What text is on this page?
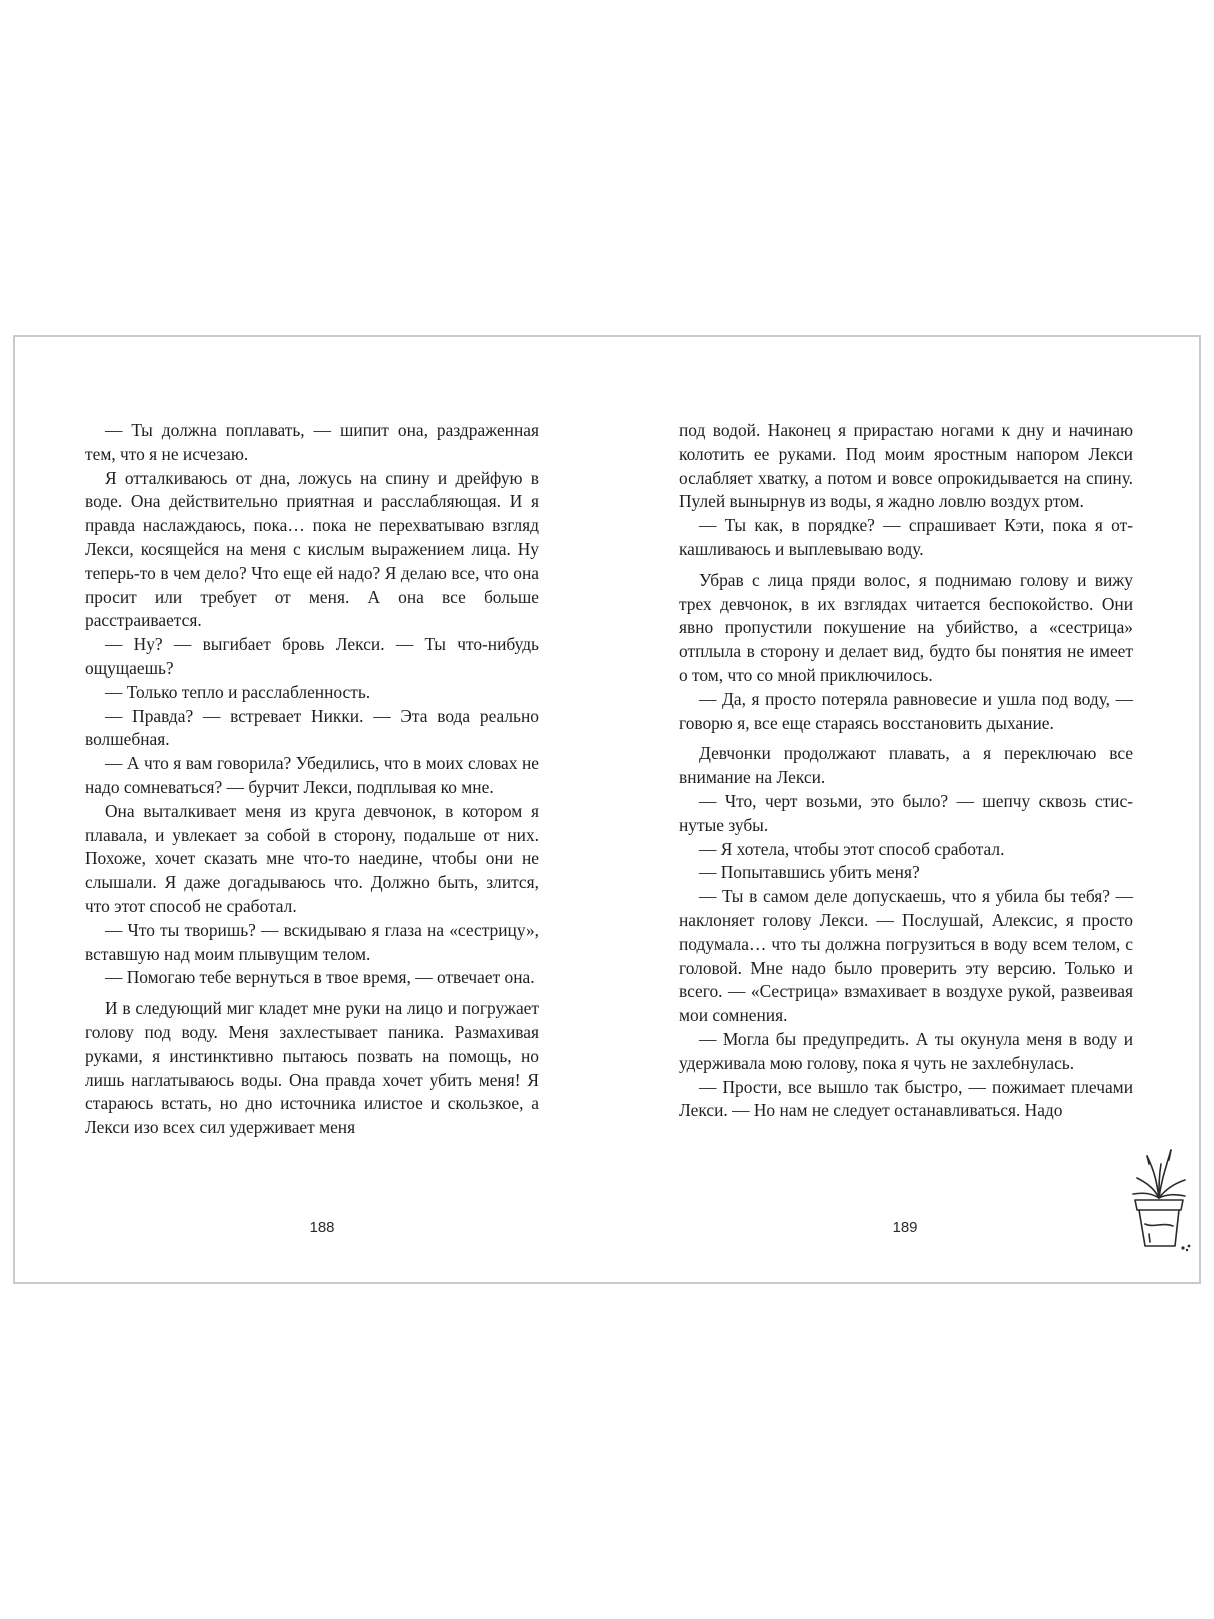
— Ты должна поплавать, — шипит она, раздраженная тем, что я не исчезаю.

Я отталкиваюсь от дна, ложусь на спину и дрейфую в воде. Она действительно приятная и расслабляющая. И я правда наслаждаюсь, пока… пока не перехватываю взгляд Лекси, косящейся на меня с кислым выражением лица. Ну теперь-то в чем дело? Что еще ей надо? Я делаю все, что она просит или требует от меня. А она все больше расстраивается.

— Ну? — выгибает бровь Лекси. — Ты что-нибудь ощущаешь?

— Только тепло и расслабленность.

— Правда? — встревает Никки. — Эта вода реально волшебная.

— А что я вам говорила? Убедились, что в моих словах не надо сомневаться? — бурчит Лекси, подплывая ко мне.

Она выталкивает меня из круга девчонок, в котором я плавала, и увлекает за собой в сторону, подальше от них. Похоже, хочет сказать мне что-то наедине, чтобы они не слышали. Я даже догадываюсь что. Должно быть, злится, что этот способ не сработал.

— Что ты творишь? — вскидываю я глаза на «сестрицу», вставшую над моим плывущим телом.

— Помогаю тебе вернуться в твое время, — отвечает она.

И в следующий миг кладет мне руки на лицо и погружает голову под воду. Меня захлестывает паника. Размахивая руками, я инстинктивно пытаюсь позвать на помощь, но лишь наглатываюсь воды. Она правда хочет убить меня! Я стараюсь встать, но дно источника илистое и скользкое, а Лекси изо всех сил удерживает меня

под водой. Наконец я прирастаю ногами к дну и начинаю колотить ее руками. Под моим яростным напором Лекси ослабляет хватку, а потом и вовсе опрокидывается на спину. Пулей вынырнув из воды, я жадно ловлю воздух ртом.

— Ты как, в порядке? — спрашивает Кэти, пока я откашливаюсь и выплевываю воду.

Убрав с лица пряди волос, я поднимаю голову и вижу трех девчонок, в их взглядах читается беспокойство. Они явно пропустили покушение на убийство, а «сестрица» отплыла в сторону и делает вид, будто бы понятия не имеет о том, что со мной приключилось.

— Да, я просто потеряла равновесие и ушла под воду, — говорю я, все еще стараясь восстановить дыхание.

Девчонки продолжают плавать, а я переключаю все внимание на Лекси.

— Что, черт возьми, это было? — шепчу сквозь стиснутые зубы.

— Я хотела, чтобы этот способ сработал.

— Попытавшись убить меня?

— Ты в самом деле допускаешь, что я убила бы тебя? — наклоняет голову Лекси. — Послушай, Алексис, я просто подумала… что ты должна погрузиться в воду всем телом, с головой. Мне надо было проверить эту версию. Только и всего. — «Сестрица» взмахивает в воздухе рукой, развеивая мои сомнения.

— Могла бы предупредить. А ты окунула меня в воду и удерживала мою голову, пока я чуть не захлебнулась.

— Прости, все вышло так быстро, — пожимает плечами Лекси. — Но нам не следует останавливаться. Надо

188	189
